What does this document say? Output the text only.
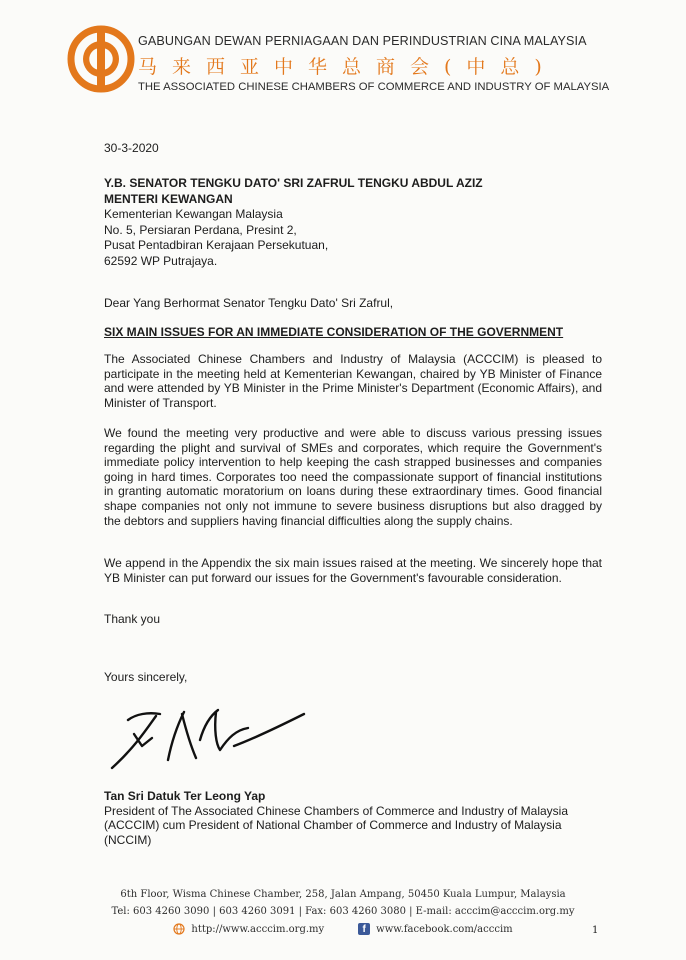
GABUNGAN DEWAN PERNIAGAAN DAN PERINDUSTRIAN CINA MALAYSIA
马来西亚中华总商会(中总)
THE ASSOCIATED CHINESE CHAMBERS OF COMMERCE AND INDUSTRY OF MALAYSIA
30-3-2020
Y.B. SENATOR TENGKU DATO' SRI ZAFRUL TENGKU ABDUL AZIZ
MENTERI KEWANGAN
Kementerian Kewangan Malaysia
No. 5, Persiaran Perdana, Presint 2,
Pusat Pentadbiran Kerajaan Persekutuan,
62592 WP Putrajaya.
Dear Yang Berhormat Senator Tengku Dato' Sri Zafrul,
SIX MAIN ISSUES FOR AN IMMEDIATE CONSIDERATION OF THE GOVERNMENT
The Associated Chinese Chambers and Industry of Malaysia (ACCCIM) is pleased to participate in the meeting held at Kementerian Kewangan, chaired by YB Minister of Finance and were attended by YB Minister in the Prime Minister's Department (Economic Affairs), and Minister of Transport.
We found the meeting very productive and were able to discuss various pressing issues regarding the plight and survival of SMEs and corporates, which require the Government's immediate policy intervention to help keeping the cash strapped businesses and companies going in hard times. Corporates too need the compassionate support of financial institutions in granting automatic moratorium on loans during these extraordinary times. Good financial shape companies not only not immune to severe business disruptions but also dragged by the debtors and suppliers having financial difficulties along the supply chains.
We append in the Appendix the six main issues raised at the meeting. We sincerely hope that YB Minister can put forward our issues for the Government's favourable consideration.
Thank you
Yours sincerely,
Tan Sri Datuk Ter Leong Yap
President of The Associated Chinese Chambers of Commerce and Industry of Malaysia (ACCCIM) cum President of National Chamber of Commerce and Industry of Malaysia (NCCIM)
6th Floor, Wisma Chinese Chamber, 258, Jalan Ampang, 50450 Kuala Lumpur, Malaysia
Tel: 603 4260 3090 | 603 4260 3091 | Fax: 603 4260 3080 | E-mail: acccim@acccim.org.my
http://www.acccim.org.my	f	www.facebook.com/acccim	1
